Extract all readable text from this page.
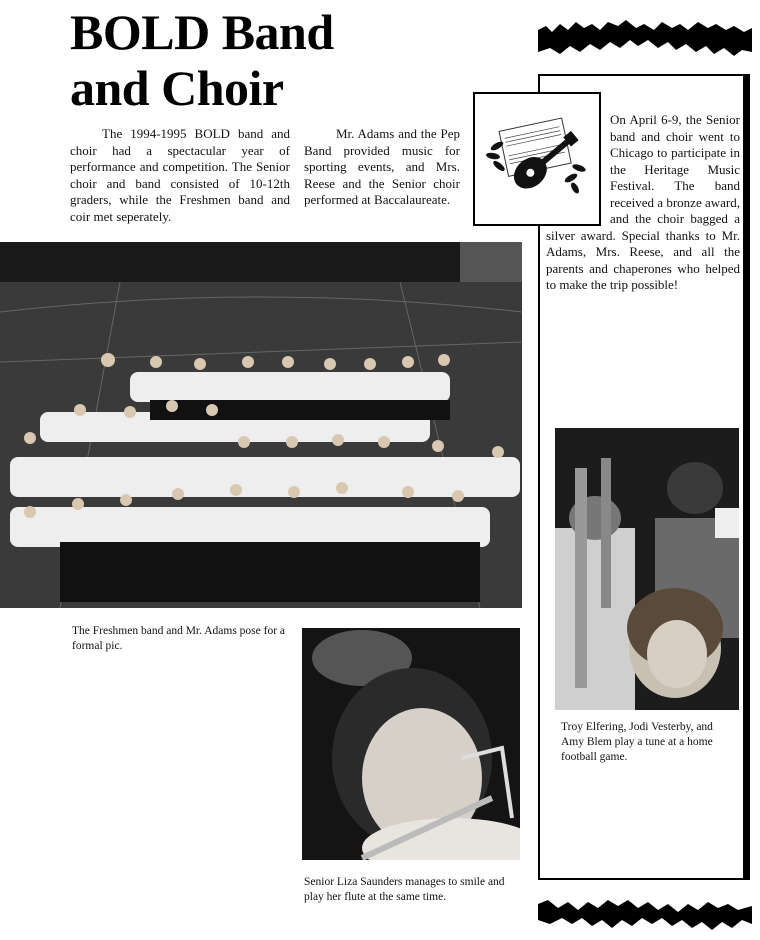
BOLD Band
and Choir
The 1994-1995 BOLD band and choir had a spectacular year of performance and competition. The Senior choir and band consisted of 10-12th graders, while the Freshmen band and coir met seperately.
Mr. Adams and the Pep Band provided music for sporting events, and Mrs. Reese and the Senior choir performed at Baccalaureate.
On April 6-9, the Senior band and choir went to Chicago to participate in the Heritage Music Festival. The band received a bronze award, and the choir bagged a silver award. Special thanks to Mr. Adams, Mrs. Reese, and all the parents and chaperones who helped to make the trip possible!
The Freshmen band and Mr. Adams pose for a formal pic.
Senior Liza Saunders manages to smile and play her flute at the same time.
Troy Elfering, Jodi Vesterby, and Amy Blem play a tune at a home football game.
